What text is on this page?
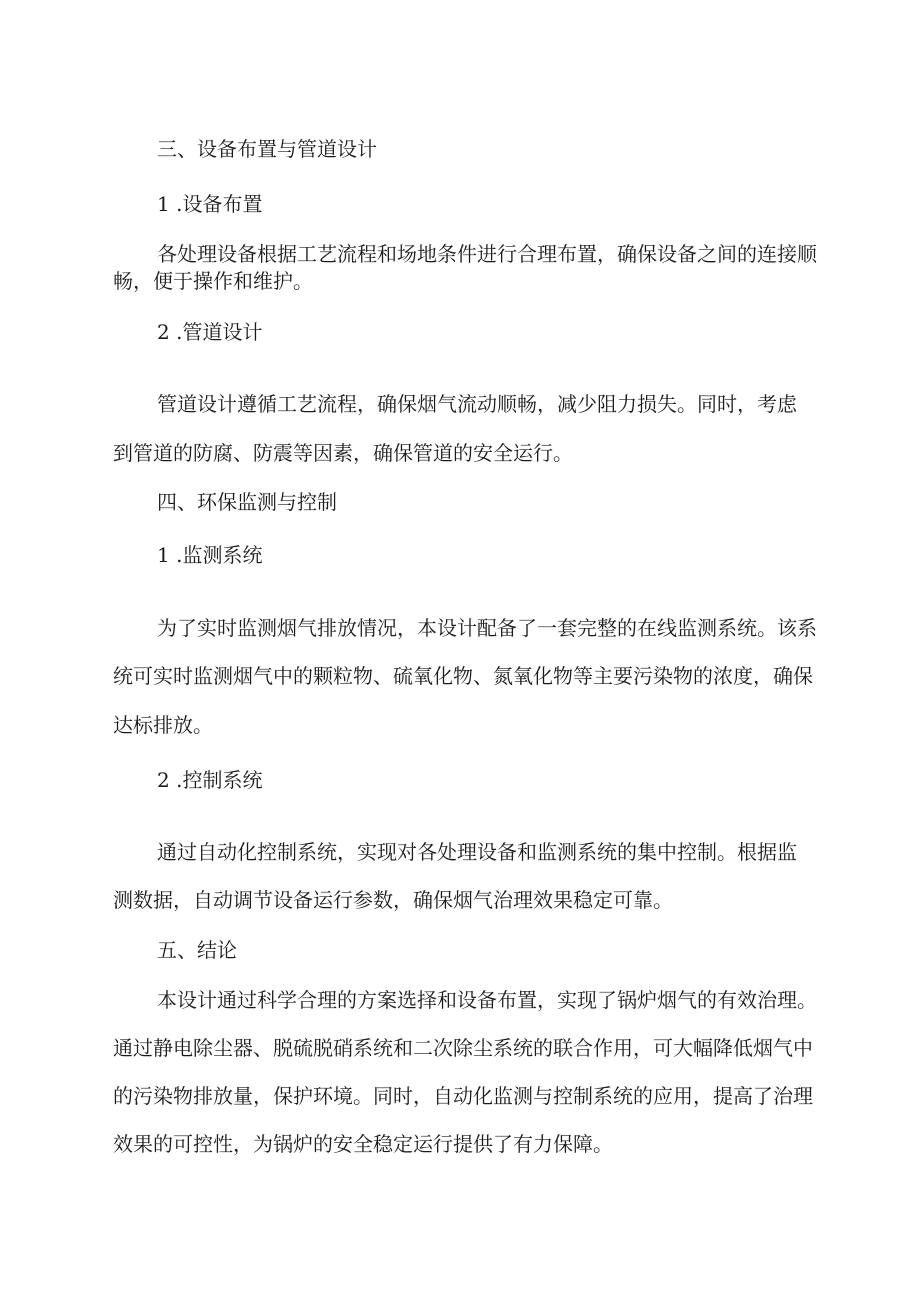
三、设备布置与管道设计

1 .设备布置

各处理设备根据工艺流程和场地条件进行合理布置，确保设备之间的连接顺

畅，便于操作和维护。

2 .管道设计

管道设计遵循工艺流程，确保烟气流动顺畅，减少阻力损失。同时，考虑

到管道的防腐、防震等因素，确保管道的安全运行。

四、环保监测与控制

1 .监测系统

为了实时监测烟气排放情况，本设计配备了一套完整的在线监测系统。该系

统可实时监测烟气中的颗粒物、硫氧化物、氮氧化物等主要污染物的浓度，确保

达标排放。

2 .控制系统

通过自动化控制系统，实现对各处理设备和监测系统的集中控制。根据监

测数据，自动调节设备运行参数，确保烟气治理效果稳定可靠。

五、结论

本设计通过科学合理的方案选择和设备布置，实现了锅炉烟气的有效治理。

通过静电除尘器、脱硫脱硝系统和二次除尘系统的联合作用，可大幅降低烟气中

的污染物排放量，保护环境。同时，自动化监测与控制系统的应用，提高了治理

效果的可控性，为锅炉的安全稳定运行提供了有力保障。
